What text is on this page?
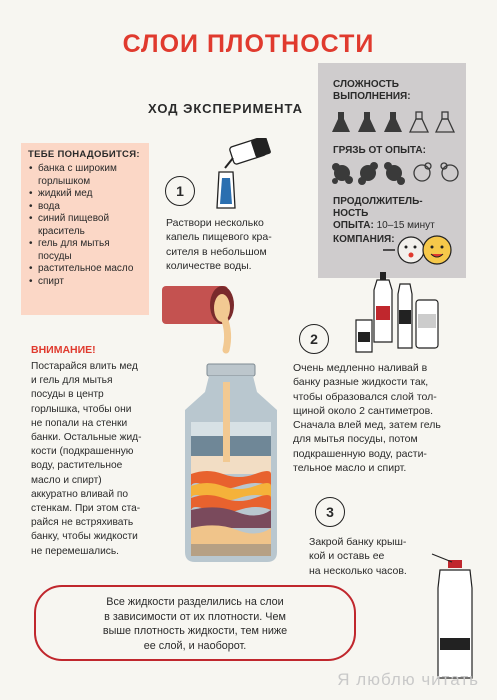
СЛОИ ПЛОТНОСТИ
ХОД ЭКСПЕРИМЕНТА
СЛОЖНОСТЬ
ВЫПОЛНЕНИЯ:
ГРЯЗЬ ОТ ОПЫТА:
ПРОДОЛЖИТЕЛЬ-
НОСТЬ
ОПЫТА: 10–15 минут
КОМПАНИЯ:
ТЕБЕ ПОНАДОБИТСЯ:
• банка с широким
горлышком
• жидкий мед
• вода
• синий пищевой
краситель
• гель для мытья
посуды
• растительное масло
• спирт
1
Раствори несколько
капель пищевого кра-
сителя в небольшом
количестве воды.
2
Очень медленно наливай в
банку разные жидкости так,
чтобы образовался слой тол-
щиной около 2 сантиметров.
Сначала влей мед, затем гель
для мытья посуды, потом
подкрашенную воду, расти-
тельное масло и спирт.
3
Закрой банку крыш-
кой и оставь ее
на несколько часов.
ВНИМАНИЕ!
Постарайся влить мед
и гель для мытья
посуды в центр
горлышка, чтобы они
не попали на стенки
банки. Остальные жид-
кости (подкрашенную
воду, растительное
масло и спирт)
аккуратно вливай по
стенкам. При этом ста-
райся не встряхивать
банку, чтобы жидкости
не перемешались.
Все жидкости разделились на слои
в зависимости от их плотности. Чем
выше плотность жидкости, тем ниже
ее слой, и наоборот.
Я люблю читать
